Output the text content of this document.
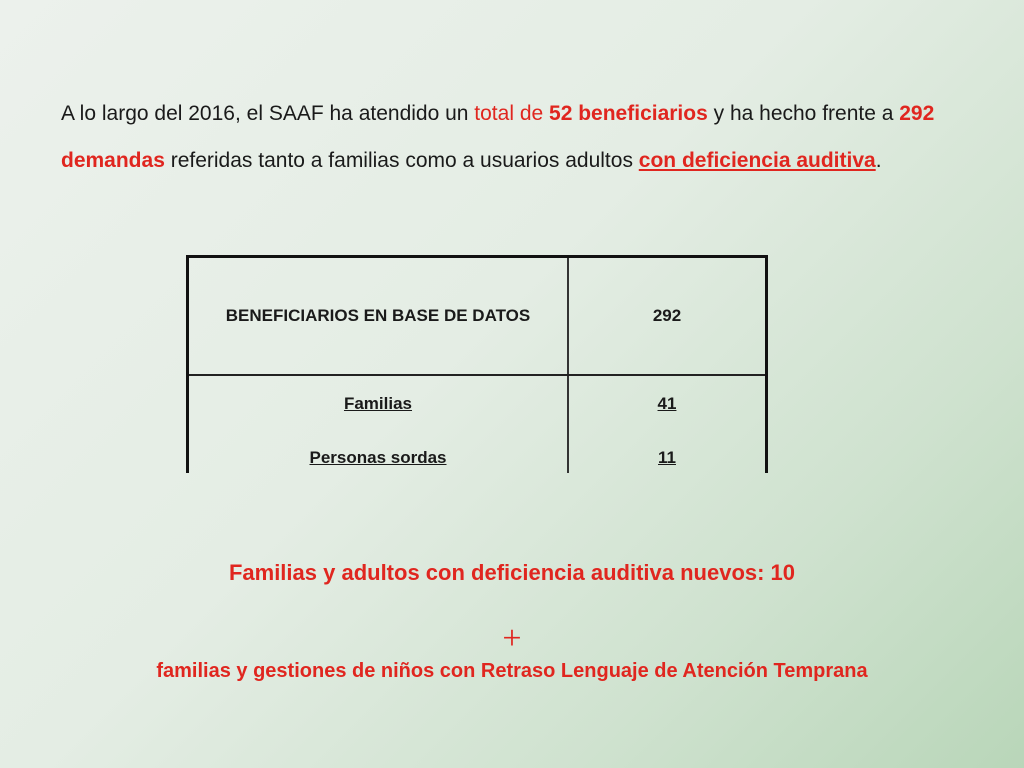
A lo largo del 2016, el SAAF ha atendido un total de 52 beneficiarios y ha hecho frente a 292 demandas referidas tanto a familias como a usuarios adultos con deficiencia auditiva.

BENEFICIARIOS EN BASE DE DATOS	292
Familias	41
Personas sordas	11

Familias y adultos con deficiencia auditiva nuevos: 10

+

familias y gestiones de niños con Retraso Lenguaje de Atención Temprana
